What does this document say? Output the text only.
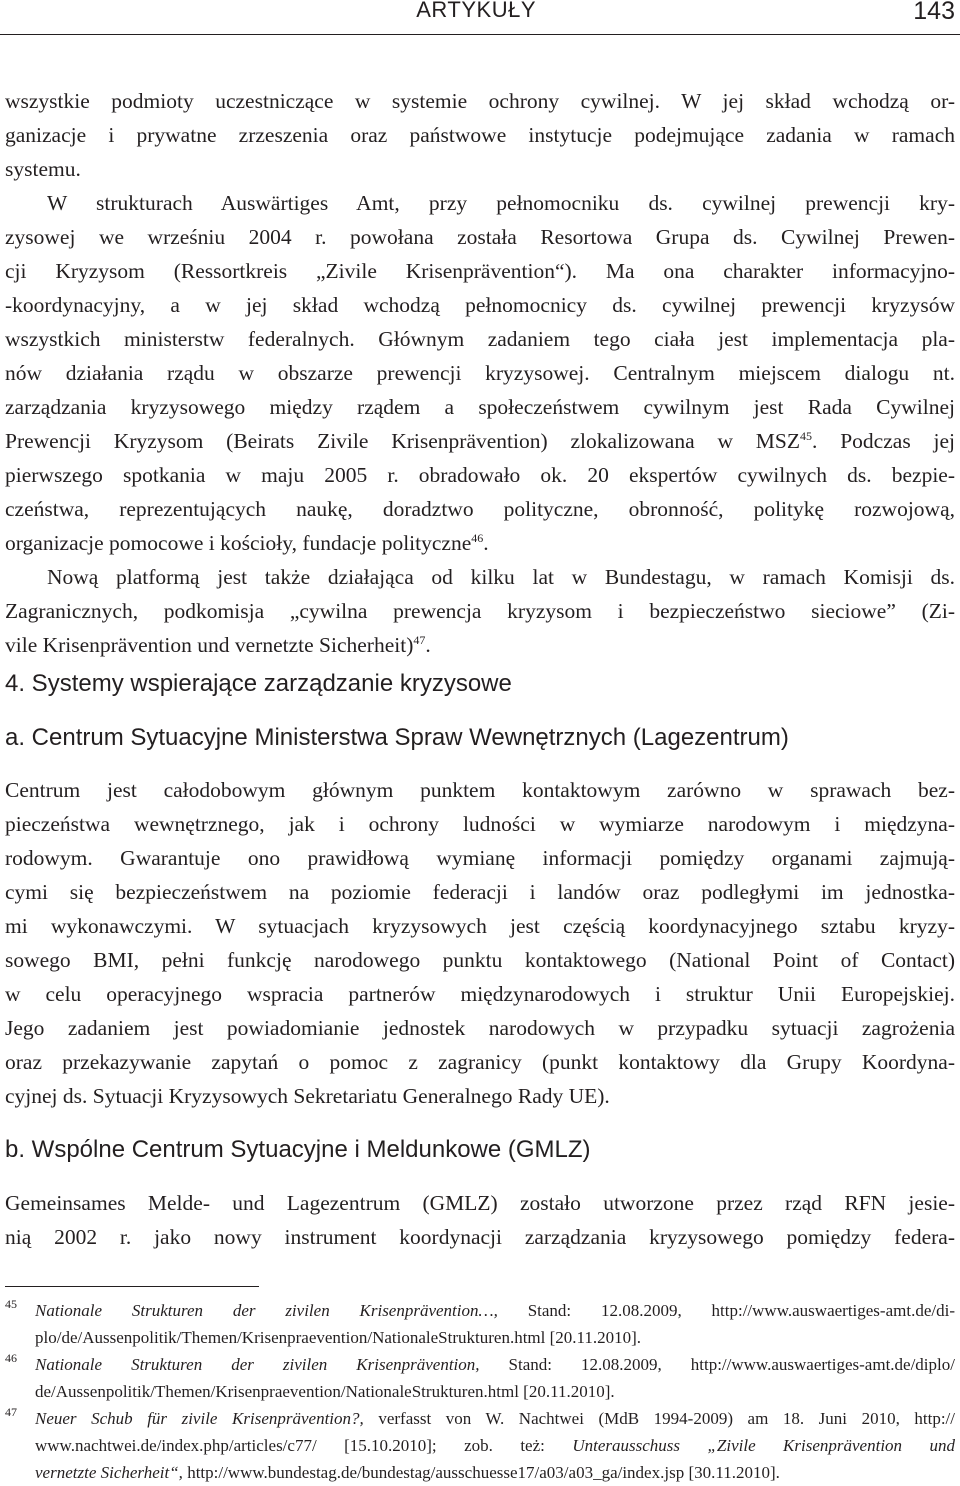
ARTYKUŁY	143
wszystkie podmioty uczestniczące w systemie ochrony cywilnej. W jej skład wchodzą or-
ganizacje i prywatne zrzeszenia oraz państwowe instytucje podejmujące zadania w ramach
systemu.
W strukturach Auswärtiges Amt, przy pełnomocniku ds. cywilnej prewencji kry-
zysowej we wrześniu 2004 r. powołana została Resortowa Grupa ds. Cywilnej Prewen-
cji Kryzysom (Ressortkreis „Zivile Krisenprävention“). Ma ona charakter informacyjno-
-koordynacyjny, a w jej skład wchodzą pełnomocnicy ds. cywilnej prewencji kryzysów
wszystkich ministerstw federalnych. Głównym zadaniem tego ciała jest implementacja pla-
nów działania rządu w obszarze prewencji kryzysowej. Centralnym miejscem dialogu nt.
zarządzania kryzysowego między rządem a społeczeństwem cywilnym jest Rada Cywilnej
Prewencji Kryzysom (Beirats Zivile Krisenprävention) zlokalizowana w MSZ$^{45}$. Podczas jej
pierwszego spotkania w maju 2005 r. obradowało ok. 20 ekspertów cywilnych ds. bezpie-
czeństwa, reprezentujących naukę, doradztwo polityczne, obronność, politykę rozwojową,
organizacje pomocowe i kościoły, fundacje polityczne$^{46}$.
Nową platformą jest także działająca od kilku lat w Bundestagu, w ramach Komisji ds.
Zagranicznych, podkomisja „cywilna prewencja kryzysom i bezpieczeństwo sieciowe” (Zi-
vile Krisenprävention und vernetzte Sicherheit)$^{47}$.
4. Systemy wspierające zarządzanie kryzysowe
a. Centrum Sytuacyjne Ministerstwa Spraw Wewnętrznych (Lagezentrum)
Centrum jest całodobowym głównym punktem kontaktowym zarówno w sprawach bez-
pieczeństwa wewnętrznego, jak i ochrony ludności w wymiarze narodowym i międzyna-
rodowym. Gwarantuje ono prawidłową wymianę informacji pomiędzy organami zajmują-
cymi się bezpieczeństwem na poziomie federacji i landów oraz podległymi im jednostka-
mi wykonawczymi. W sytuacjach kryzysowych jest częścią koordynacyjnego sztabu kryzy-
sowego BMI, pełni funkcję narodowego punktu kontaktowego (National Point of Contact)
w celu operacyjnego wspracia partnerów międzynarodowych i struktur Unii Europejskiej.
Jego zadaniem jest powiadomianie jednostek narodowych w przypadku sytuacji zagrożenia
oraz przekazywanie zapytań o pomoc z zagranicy (punkt kontaktowy dla Grupy Koordyna-
cyjnej ds. Sytuacji Kryzysowych Sekretariatu Generalnego Rady UE).
b. Wspólne Centrum Sytuacyjne i Meldunkowe (GMLZ)
Gemeinsames Melde- und Lagezentrum (GMLZ) zostało utworzone przez rząd RFN jesie-
nią 2002 r. jako nowy instrument koordynacji zarządzania kryzysowego pomiędzy federa-
45 Nationale Strukturen der zivilen Krisenprävention…, Stand: 12.08.2009, http://www.auswaertiges-amt.de/di-
plo/de/Aussenpolitik/Themen/Krisenpraevention/NationaleStrukturen.html [20.11.2010].
46 Nationale Strukturen der zivilen Krisenprävention, Stand: 12.08.2009, http://www.auswaertiges-amt.de/diplo/
de/Aussenpolitik/Themen/Krisenpraevention/NationaleStrukturen.html [20.11.2010].
47 Neuer Schub für zivile Krisenprävention?, verfasst von W. Nachtwei (MdB 1994-2009) am 18. Juni 2010, http://
www.nachtwei.de/index.php/articles/c77/ [15.10.2010]; zob. też: Unterausschuss „Zivile Krisenprävention und
vernetzte Sicherheit“, http://www.bundestag.de/bundestag/ausschuesse17/a03/a03_ga/index.jsp [30.11.2010].
